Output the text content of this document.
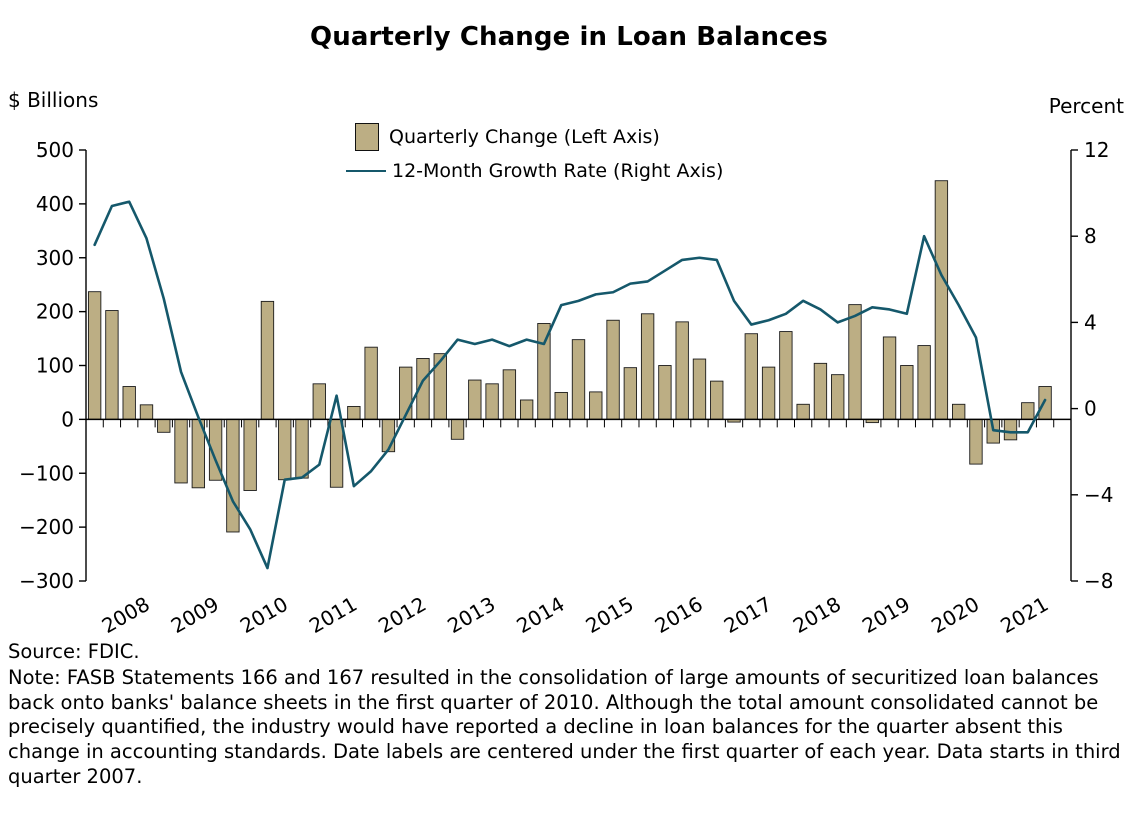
Quarterly Change in Loan Balances
$ Billions	Percent
−300
−200
−100
0
100
200
300
400
500
−8
−4
0
4
8
12
2008 2009 2010 2011 2012 2013 2014 2015 2016 2017 2018 2019 2020 2021
Quarterly Change (Left Axis)
12-Month Growth Rate (Right Axis)
Source: FDIC.
Note: FASB Statements 166 and 167 resulted in the consolidation of large amounts of securitized loan balances back onto banks' balance sheets in the first quarter of 2010. Although the total amount consolidated cannot be precisely quantified, the industry would have reported a decline in loan balances for the quarter absent this change in accounting standards. Date labels are centered under the first quarter of each year. Data starts in third quarter 2007.
